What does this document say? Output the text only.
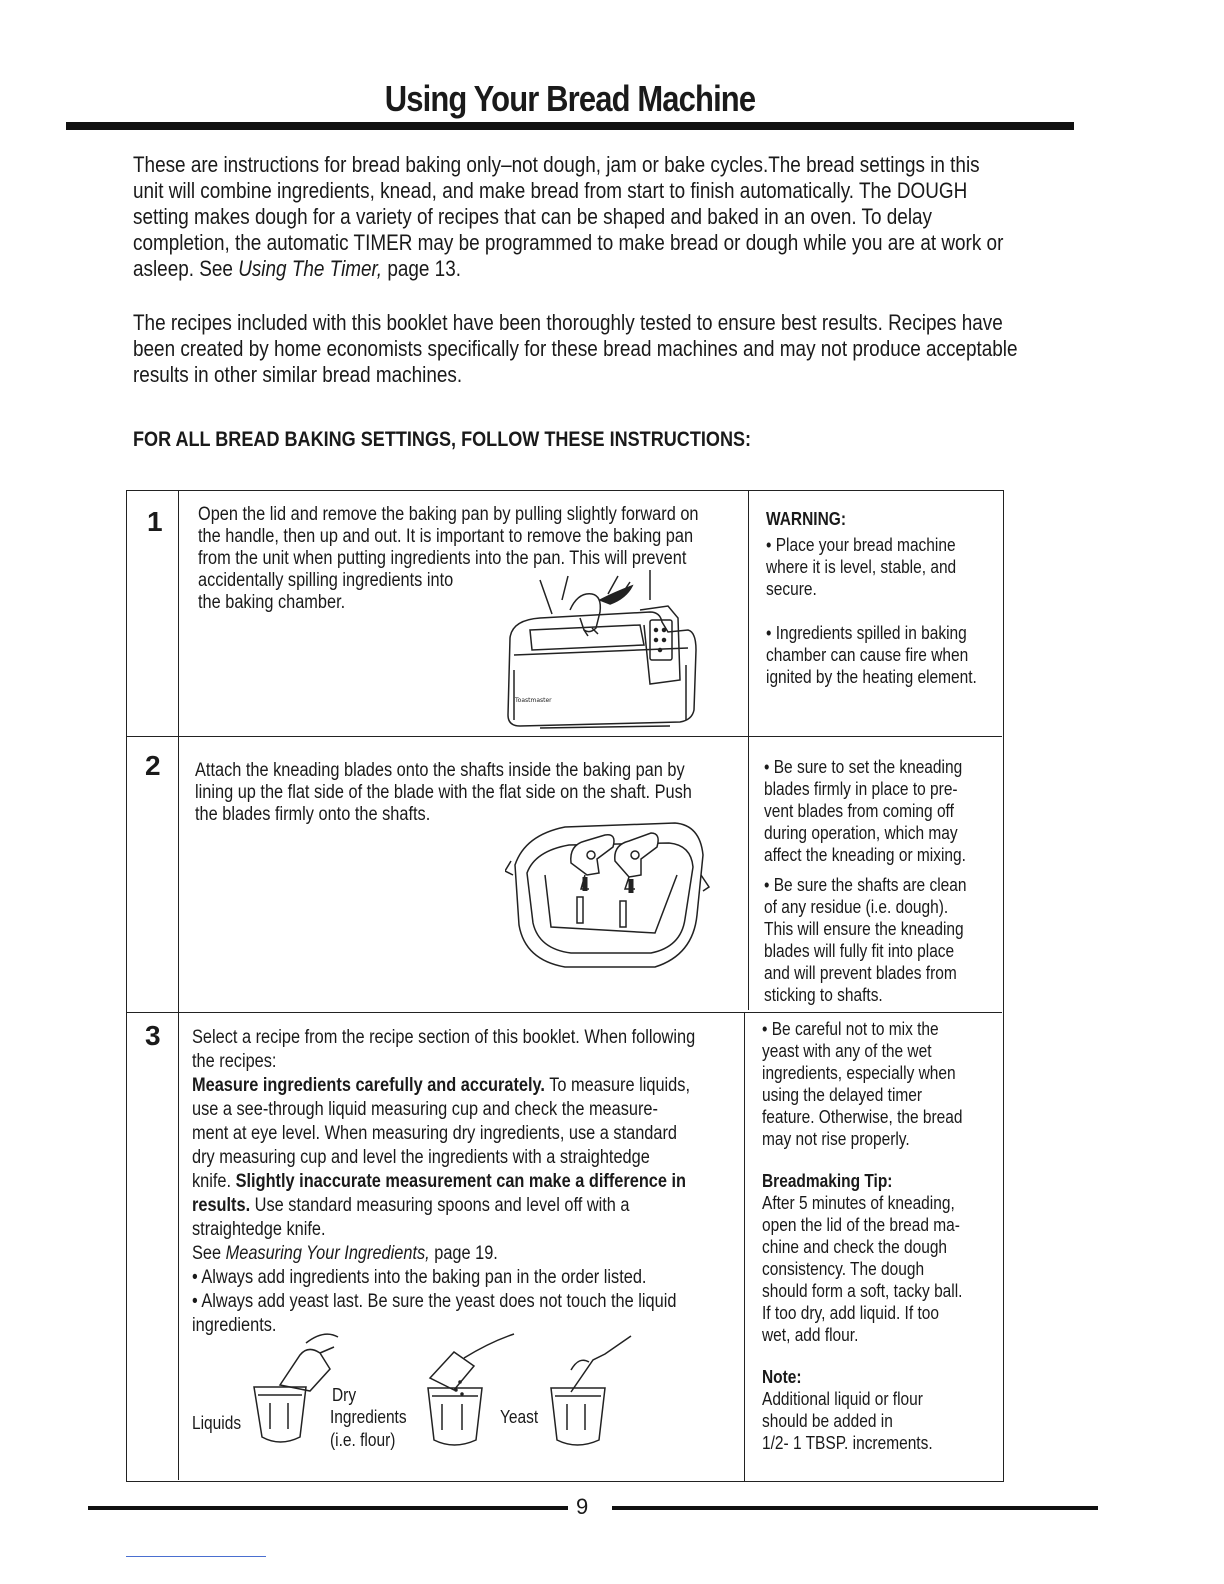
Using Your Bread Machine
These are instructions for bread baking only–not dough, jam or bake cycles.The bread settings in this
unit will combine ingredients, knead, and make bread from start to finish automatically. The DOUGH
setting makes dough for a variety of recipes that can be shaped and baked in an oven. To delay
completion, the automatic TIMER may be programmed to make bread or dough while you are at work or
asleep. See Using The Timer, page 13.
The recipes included with this booklet have been thoroughly tested to ensure best results. Recipes have
been created by home economists specifically for these bread machines and may not produce acceptable
results in other similar bread machines.
FOR ALL BREAD BAKING SETTINGS, FOLLOW THESE INSTRUCTIONS:
1
2
3
Open the lid and remove the baking pan by pulling slightly forward on
the handle, then up and out. It is important to remove the baking pan
from the unit when putting ingredients into the pan. This will prevent
accidentally spilling ingredients into
the baking chamber.
Toastmaster
WARNING:
• Place your bread machine
where it is level, stable, and
secure.
• Ingredients spilled in baking
chamber can cause fire when
ignited by the heating element.
Attach the kneading blades onto the shafts inside the baking pan by
lining up the flat side of the blade with the flat side on the shaft. Push
the blades firmly onto the shafts.
• Be sure to set the kneading
blades firmly in place to pre-
vent blades from coming off
during operation, which may
affect the kneading or mixing.
• Be sure the shafts are clean
of any residue (i.e. dough).
This will ensure the kneading
blades will fully fit into place
and will prevent blades from
sticking to shafts.
Select a recipe from the recipe section of this booklet. When following
the recipes:
Measure ingredients carefully and accurately. To measure liquids,
use a see-through liquid measuring cup and check the measure-
ment at eye level. When measuring dry ingredients, use a standard
dry measuring cup and level the ingredients with a straightedge
knife. Slightly inaccurate measurement can make a difference in
results. Use standard measuring spoons and level off with a
straightedge knife.
See Measuring Your Ingredients, page 19.
• Always add ingredients into the baking pan in the order listed.
• Always add yeast last. Be sure the yeast does not touch the liquid
ingredients.
Liquids
Dry
Ingredients
(i.e. flour)
Yeast
• Be careful not to mix the
yeast with any of the wet
ingredients, especially when
using the delayed timer
feature. Otherwise, the bread
may not rise properly.
Breadmaking Tip:
After 5 minutes of kneading,
open the lid of the bread ma-
chine and check the dough
consistency. The dough
should form a soft, tacky ball.
If too dry, add liquid. If too
wet, add flour.
Note:
Additional liquid or flour
should be added in
1/2- 1 TBSP. increments.
9
